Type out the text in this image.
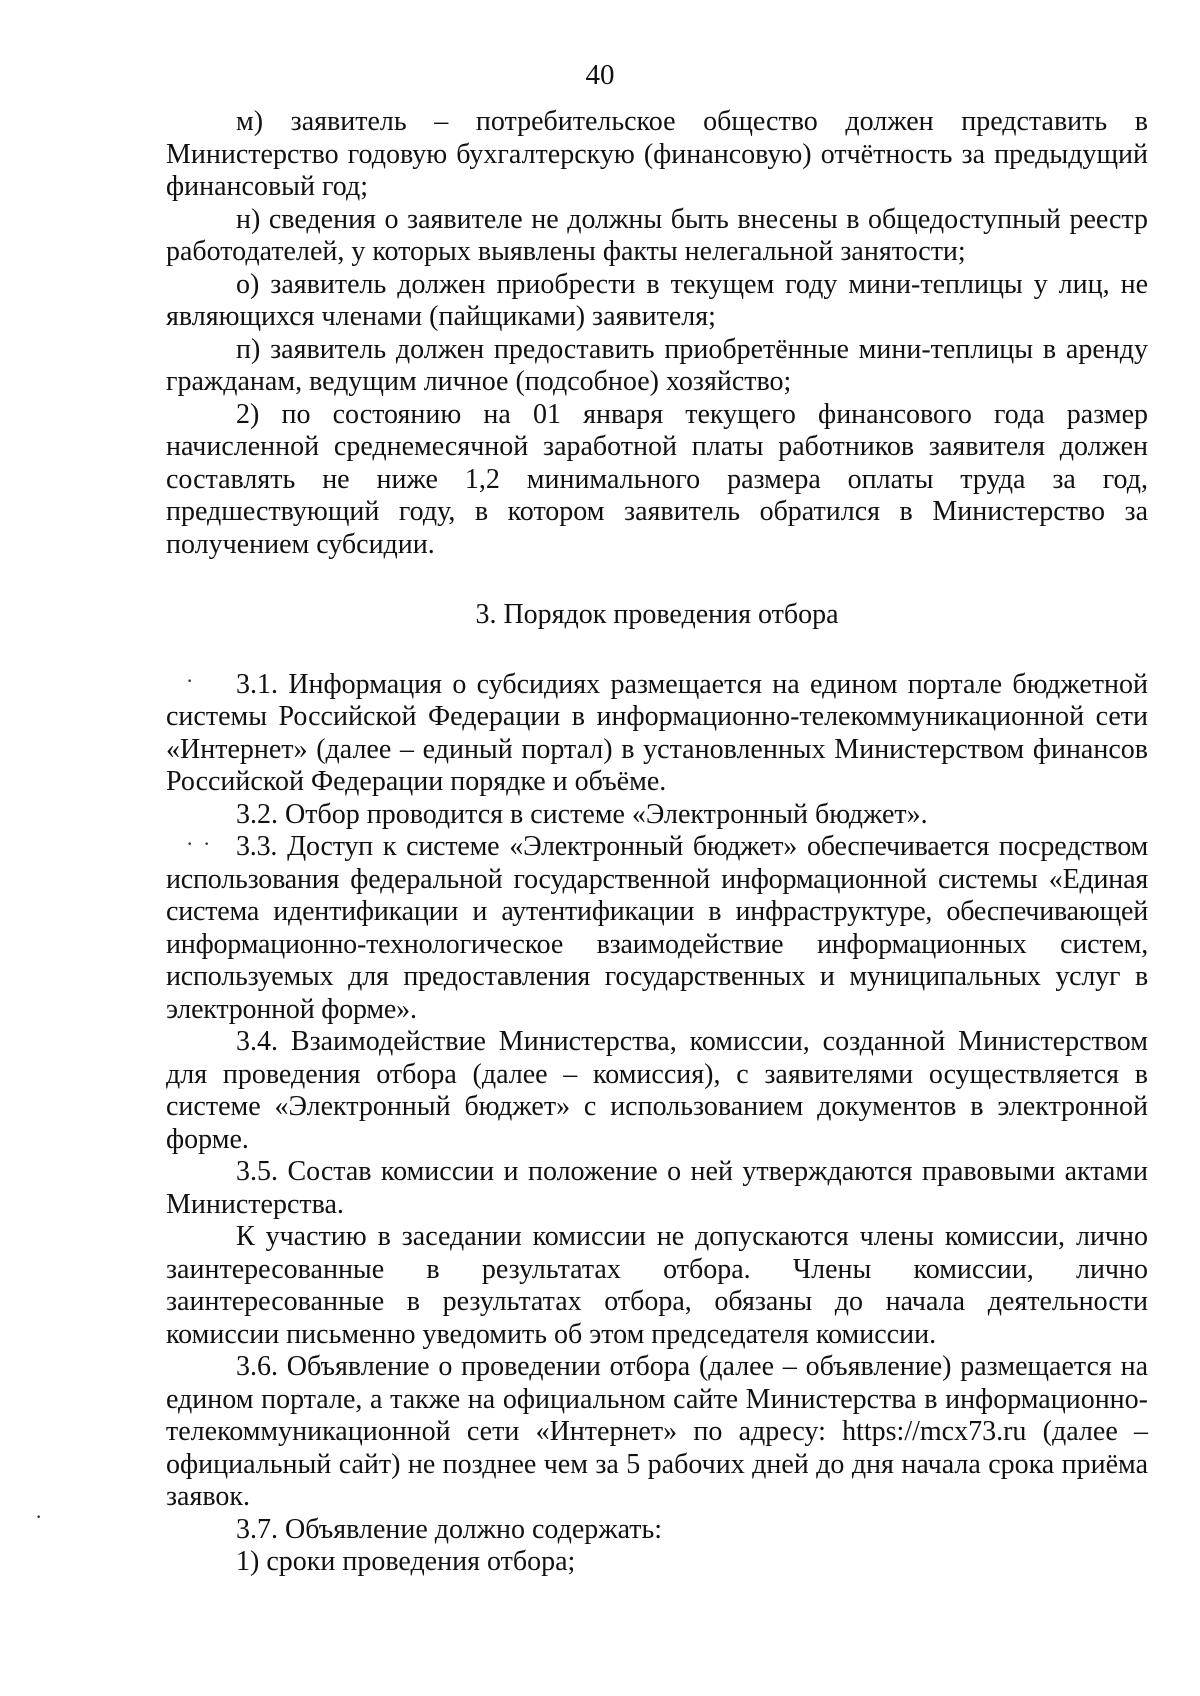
40

м) заявитель – потребительское общество должен представить в Министерство годовую бухгалтерскую (финансовую) отчётность за предыдущий финансовый год;

н) сведения о заявителе не должны быть внесены в общедоступный реестр работодателей, у которых выявлены факты нелегальной занятости;

о) заявитель должен приобрести в текущем году мини-теплицы у лиц, не являющихся членами (пайщиками) заявителя;

п) заявитель должен предоставить приобретённые мини-теплицы в аренду гражданам, ведущим личное (подсобное) хозяйство;

2) по состоянию на 01 января текущего финансового года размер начисленной среднемесячной заработной платы работников заявителя должен составлять не ниже 1,2 минимального размера оплаты труда за год, предшествующий году, в котором заявитель обратился в Министерство за получением субсидии.

3. Порядок проведения отбора

3.1. Информация о субсидиях размещается на едином портале бюджетной системы Российской Федерации в информационно-телекоммуникационной сети «Интернет» (далее – единый портал) в установленных Министерством финансов Российской Федерации порядке и объёме.

3.2. Отбор проводится в системе «Электронный бюджет».

3.3. Доступ к системе «Электронный бюджет» обеспечивается посредством использования федеральной государственной информационной системы «Единая система идентификации и аутентификации в инфраструктуре, обеспечивающей информационно-технологическое взаимодействие информационных систем, используемых для предоставления государственных и муниципальных услуг в электронной форме».

3.4. Взаимодействие Министерства, комиссии, созданной Министерством для проведения отбора (далее – комиссия), с заявителями осуществляется в системе «Электронный бюджет» с использованием документов в электронной форме.

3.5. Состав комиссии и положение о ней утверждаются правовыми актами Министерства.

К участию в заседании комиссии не допускаются члены комиссии, лично заинтересованные в результатах отбора. Члены комиссии, лично заинтересованные в результатах отбора, обязаны до начала деятельности комиссии письменно уведомить об этом председателя комиссии.

3.6. Объявление о проведении отбора (далее – объявление) размещается на едином портале, а также на официальном сайте Министерства в информационно-телекоммуникационной сети «Интернет» по адресу: https://mcx73.ru (далее – официальный сайт) не позднее чем за 5 рабочих дней до дня начала срока приёма заявок.

3.7. Объявление должно содержать:

1) сроки проведения отбора;

·
· ·
·
